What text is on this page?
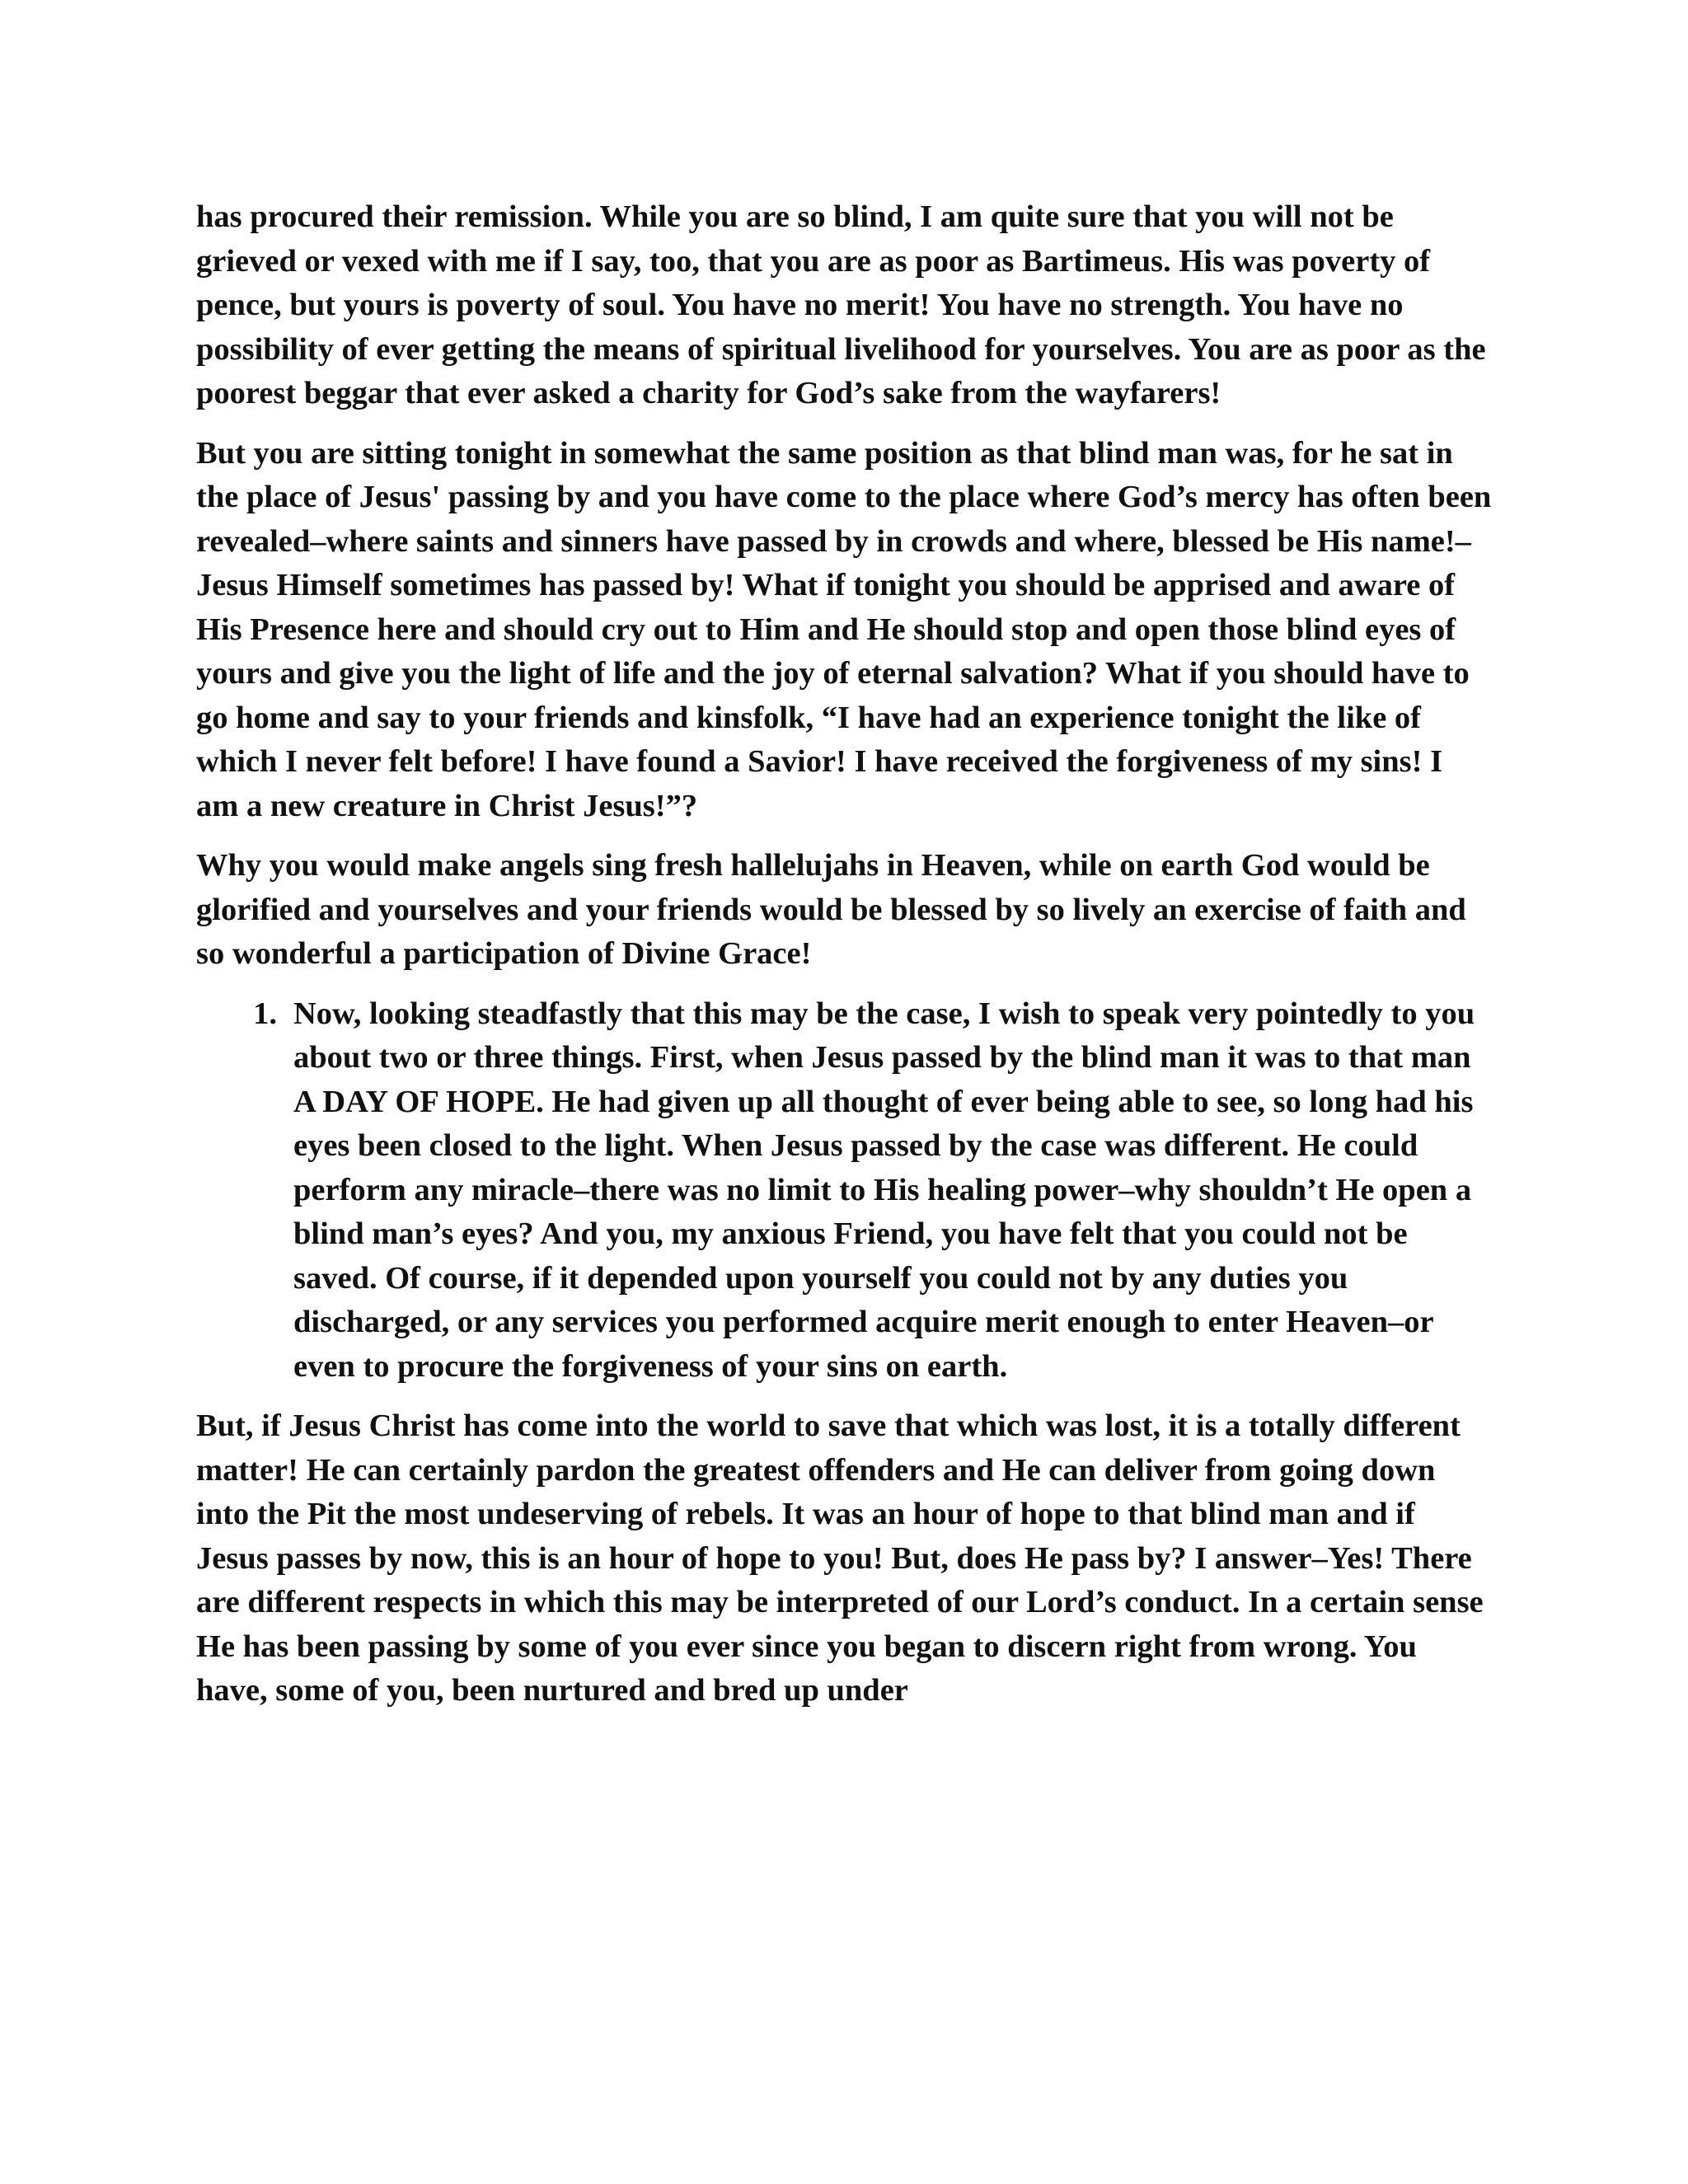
has procured their remission. While you are so blind, I am quite sure that you will not be grieved or vexed with me if I say, too, that you are as poor as Bartimeus. His was poverty of pence, but yours is poverty of soul. You have no merit! You have no strength. You have no possibility of ever getting the means of spiritual livelihood for yourselves. You are as poor as the poorest beggar that ever asked a charity for God’s sake from the wayfarers!

But you are sitting tonight in somewhat the same position as that blind man was, for he sat in the place of Jesus' passing by and you have come to the place where God’s mercy has often been revealed–where saints and sinners have passed by in crowds and where, blessed be His name!–Jesus Himself sometimes has passed by! What if tonight you should be apprised and aware of His Presence here and should cry out to Him and He should stop and open those blind eyes of yours and give you the light of life and the joy of eternal salvation? What if you should have to go home and say to your friends and kinsfolk, “I have had an experience tonight the like of which I never felt before! I have found a Savior! I have received the forgiveness of my sins! I am a new creature in Christ Jesus!”?

Why you would make angels sing fresh hallelujahs in Heaven, while on earth God would be glorified and yourselves and your friends would be blessed by so lively an exercise of faith and so wonderful a participation of Divine Grace!

1. Now, looking steadfastly that this may be the case, I wish to speak very pointedly to you about two or three things. First, when Jesus passed by the blind man it was to that man A DAY OF HOPE. He had given up all thought of ever being able to see, so long had his eyes been closed to the light. When Jesus passed by the case was different. He could perform any miracle–there was no limit to His healing power–why shouldn’t He open a blind man’s eyes? And you, my anxious Friend, you have felt that you could not be saved. Of course, if it depended upon yourself you could not by any duties you discharged, or any services you performed acquire merit enough to enter Heaven–or even to procure the forgiveness of your sins on earth.

But, if Jesus Christ has come into the world to save that which was lost, it is a totally different matter! He can certainly pardon the greatest offenders and He can deliver from going down into the Pit the most undeserving of rebels. It was an hour of hope to that blind man and if Jesus passes by now, this is an hour of hope to you! But, does He pass by? I answer–Yes! There are different respects in which this may be interpreted of our Lord’s conduct. In a certain sense He has been passing by some of you ever since you began to discern right from wrong. You have, some of you, been nurtured and bred up under
